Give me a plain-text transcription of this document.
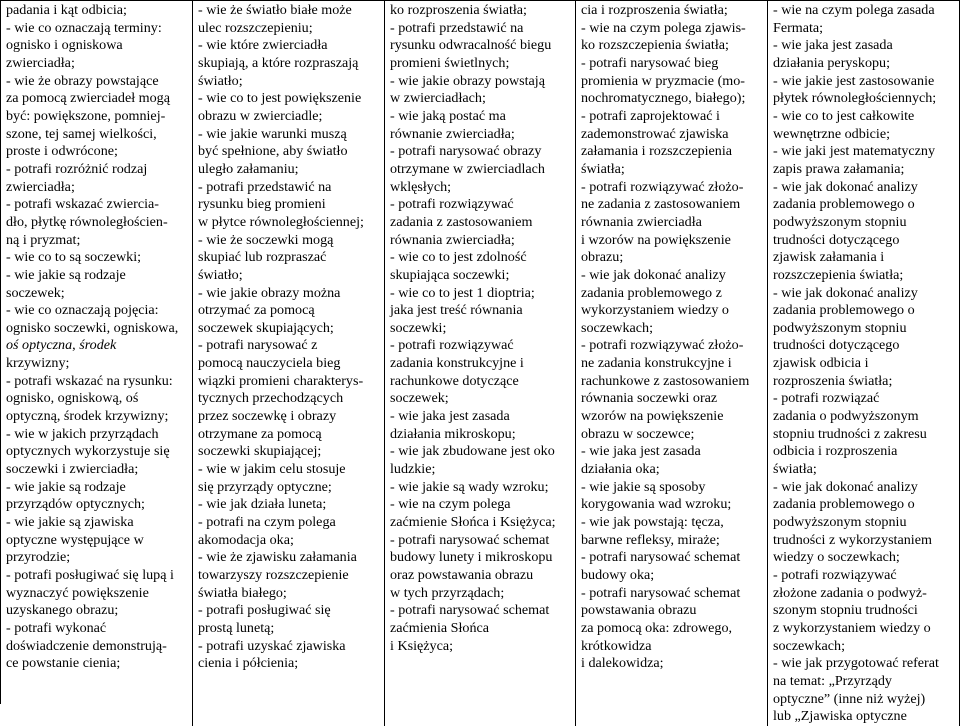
padania i kąt odbicia;
- wie co oznaczają terminy:
ognisko i ogniskowa
zwierciadła;
- wie że obrazy powstające
za pomocą zwierciadeł mogą
być: powiększone, pomniej-
szone, tej samej wielkości,
proste i odwrócone;
- potrafi rozróżnić rodzaj
zwierciadła;
- potrafi wskazać zwiercia-
dło, płytkę równoległościen-
ną i pryzmat;
- wie co to są soczewki;
- wie jakie są rodzaje
soczewek;
- wie co oznaczają pojęcia:
ognisko soczewki, ogniskowa,
oś optyczna, środek
krzywizny;
- potrafi wskazać na rysunku:
ognisko, ogniskową, oś
optyczną, środek krzywizny;
- wie w jakich przyrządach
optycznych wykorzystuje się
soczewki i zwierciadła;
- wie jakie są rodzaje
przyrządów optycznych;
- wie jakie są zjawiska
optyczne występujące w
przyrodzie;
- potrafi posługiwać się lupą i
wyznaczyć powiększenie
uzyskanego obrazu;
- potrafi wykonać
doświadczenie demonstrują-
ce powstanie cienia;
- wie że światło białe może
ulec rozszczepieniu;
- wie które zwierciadła
skupiają, a które rozpraszają
światło;
- wie co to jest powiększenie
obrazu w zwierciadle;
- wie jakie warunki muszą
być spełnione, aby światło
uległo załamaniu;
- potrafi przedstawić na
rysunku bieg promieni
w płytce równoległościennej;
- wie że soczewki mogą
skupiać lub rozpraszać
światło;
- wie jakie obrazy można
otrzymać za pomocą
soczewek skupiających;
- potrafi narysować z
pomocą nauczyciela bieg
wiązki promieni charakterys-
tycznych przechodzących
przez soczewkę i obrazy
otrzymane za pomocą
soczewki skupiającej;
- wie w jakim celu stosuje
się przyrządy optyczne;
- wie jak działa luneta;
- potrafi na czym polega
akomodacja oka;
- wie że zjawisku załamania
towarzyszy rozszczepienie
światła białego;
- potrafi posługiwać się
prostą lunetą;
- potrafi uzyskać zjawiska
cienia i półcienia;
ko rozproszenia światła;
- potrafi przedstawić na
rysunku odwracalność biegu
promieni świetlnych;
- wie jakie obrazy powstają
w zwierciadłach;
- wie jaką postać ma
równanie zwierciadła;
- potrafi narysować obrazy
otrzymane w zwierciadlach
wklęsłych;
- potrafi rozwiązywać
zadania z zastosowaniem
równania zwierciadła;
- wie co to jest zdolność
skupiająca soczewki;
- wie co to jest 1 dioptria;
jaka jest treść równania
soczewki;
- potrafi rozwiązywać
zadania konstrukcyjne i
rachunkowe dotyczące
soczewek;
- wie jaka jest zasada
działania mikroskopu;
- wie jak zbudowane jest oko
ludzkie;
- wie jakie są wady wzroku;
- wie na czym polega
zaćmienie Słońca i Księżyca;
- potrafi narysować schemat
budowy lunety i mikroskopu
oraz powstawania obrazu
w tych przyrządach;
- potrafi narysować schemat
zaćmienia Słońca
i Księżyca;
cia i rozproszenia światła;
- wie na czym polega zjawis-
ko rozszczepienia światła;
- potrafi narysować bieg
promienia w pryzmacie (mo-
nochromatycznego, białego);
- potrafi zaprojektować i
zademonstrować zjawiska
załamania i rozszczepienia
światła;
- potrafi rozwiązywać złożo-
ne zadania z zastosowaniem
równania zwierciadła
i wzorów na powiększenie
obrazu;
- wie jak dokonać analizy
zadania problemowego z
wykorzystaniem wiedzy o
soczewkach;
- potrafi rozwiązywać złożo-
ne zadania konstrukcyjne i
rachunkowe z zastosowaniem
równania soczewki oraz
wzorów na powiększenie
obrazu w soczewce;
- wie jaka jest zasada
działania oka;
- wie jakie są sposoby
korygowania wad wzroku;
- wie jak powstają: tęcza,
barwne refleksy, miraże;
- potrafi narysować schemat
budowy oka;
- potrafi narysować schemat
powstawania obrazu
za pomocą oka: zdrowego,
krótkowidza
i dalekowidza;
- wie na czym polega zasada
Fermata;
- wie jaka jest zasada
działania peryskopu;
- wie jakie jest zastosowanie
płytek równoległościennych;
- wie co to jest całkowite
wewnętrzne odbicie;
- wie jaki jest matematyczny
zapis prawa załamania;
- wie jak dokonać analizy
zadania problemowego o
podwyższonym stopniu
trudności dotyczącego
zjawisk załamania i
rozszczepienia światła;
- wie jak dokonać analizy
zadania problemowego o
podwyższonym stopniu
trudności dotyczącego
zjawisk odbicia i
rozproszenia światła;
- potrafi rozwiązać
zadania o podwyższonym
stopniu trudności z zakresu
odbicia i rozproszenia
światła;
- wie jak dokonać analizy
zadania problemowego o
podwyższonym stopniu
trudności z wykorzystaniem
wiedzy o soczewkach;
- potrafi rozwiązywać
złożone zadania o podwyż-
szonym stopniu trudności
z wykorzystaniem wiedzy o
soczewkach;
- wie jak przygotować referat
na temat: „Przyrządy
optyczne” (inne niż wyżej)
lub „Zjawiska optyczne
